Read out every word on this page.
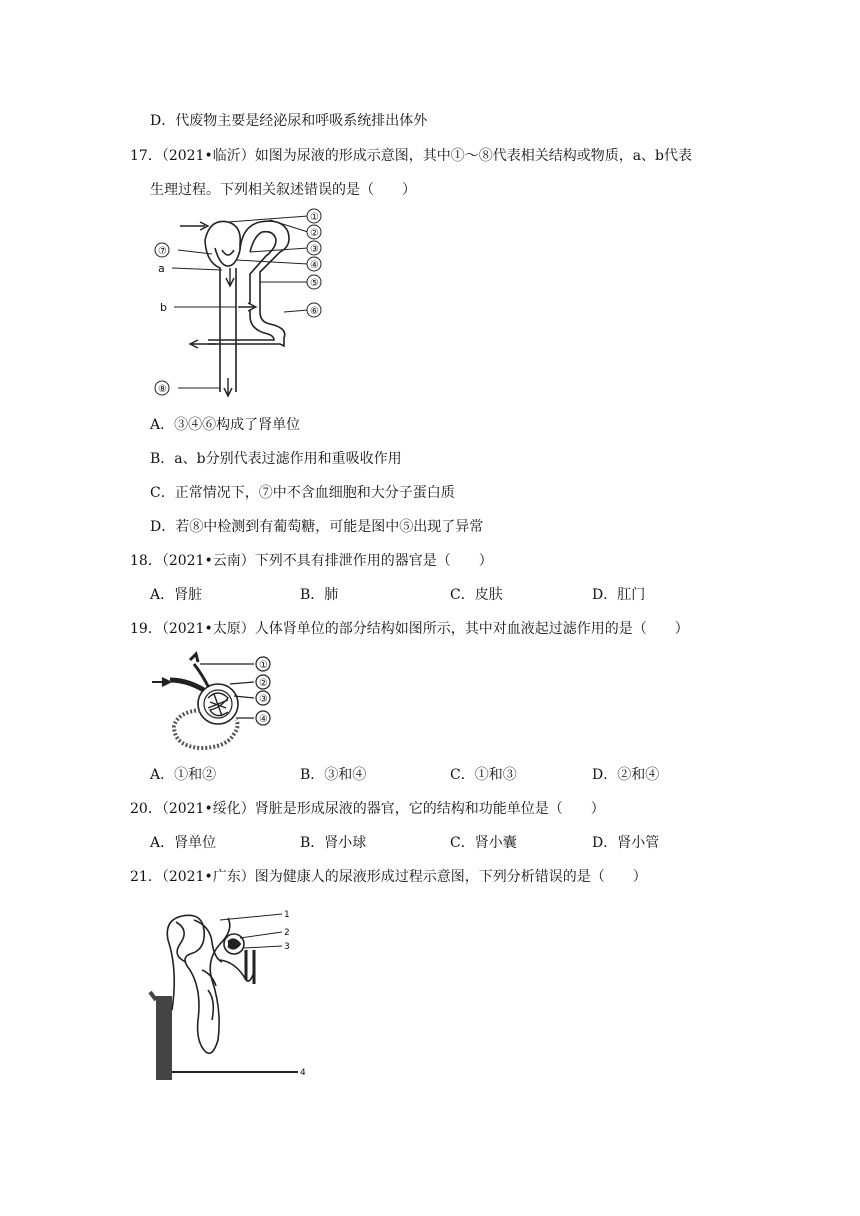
D．代废物主要是经泌尿和呼吸系统排出体外
17．（2021•临沂）如图为尿液的形成示意图，其中①～⑧代表相关结构或物质，a、b代表
生理过程。下列相关叙述错误的是（　　）
①
②
③
④
⑤
⑥
⑦
⑧
a
b
A．③④⑥构成了肾单位
B．a、b分别代表过滤作用和重吸收作用
C．正常情况下，⑦中不含血细胞和大分子蛋白质
D．若⑧中检测到有葡萄糖，可能是图中⑤出现了异常
18．（2021•云南）下列不具有排泄作用的器官是（　　）
A．肾脏	B．肺	C．皮肤	D．肛门
19．（2021•太原）人体肾单位的部分结构如图所示，其中对血液起过滤作用的是（　　）
①
②
③
④
A．①和②	B．③和④	C．①和③	D．②和④
20．（2021•绥化）肾脏是形成尿液的器官，它的结构和功能单位是（　　）
A．肾单位	B．肾小球	C．肾小囊	D．肾小管
21．（2021•广东）图为健康人的尿液形成过程示意图，下列分析错误的是（　　）
1
2
3
4
